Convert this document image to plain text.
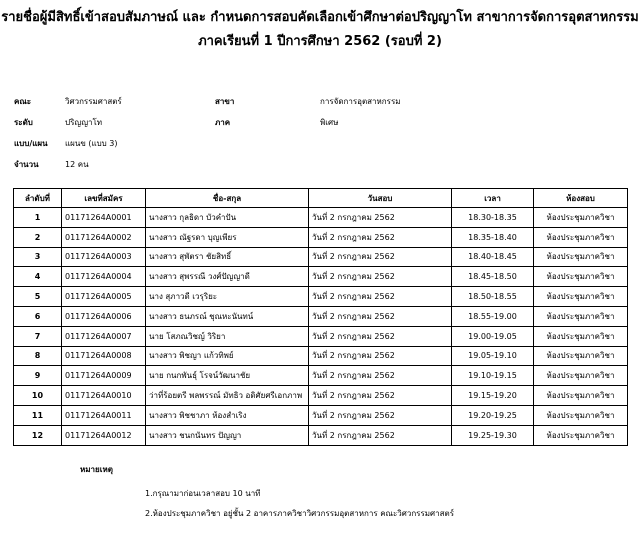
รายชื่อผู้มีสิทธิ์เข้าสอบสัมภาษณ์ และ กำหนดการสอบคัดเลือกเข้าศึกษาต่อปริญญาโท สาขาการจัดการอุตสาหกรรม
ภาคเรียนที่ 1 ปีการศึกษา 2562 (รอบที่ 2)
คณะ	วิศวกรรมศาสตร์	สาขา	การจัดการอุตสาหกรรม
ระดับ	ปริญญาโท	ภาค	พิเศษ
แบบ/แผน แผนข (แบบ 3)
จำนวน	12 คน
ลำดับที่	เลขที่สมัคร	ชื่อ-สกุล	วันสอบ	เวลา	ห้องสอบ
1	01171264A0001	นางสาว กุลธิดา บัวคำปัน	วันที่ 2 กรกฎาคม 2562	18.30-18.35	ห้องประชุมภาควิชา
2	01171264A0002	นางสาว ณัฐรดา บุญเพียร	วันที่ 2 กรกฎาคม 2562	18.35-18.40	ห้องประชุมภาควิชา
3	01171264A0003	นางสาว สุพัตรา ชัยสิทธิ์	วันที่ 2 กรกฎาคม 2562	18.40-18.45	ห้องประชุมภาควิชา
4	01171264A0004	นางสาว สุพรรณี วงศ์ปัญญาดี	วันที่ 2 กรกฎาคม 2562	18.45-18.50	ห้องประชุมภาควิชา
5	01171264A0005	นาง สุภาวดี เวรุริยะ	วันที่ 2 กรกฎาคม 2562	18.50-18.55	ห้องประชุมภาควิชา
6	01171264A0006	นางสาว ธนภรณ์ ชุณหะนันทน์	วันที่ 2 กรกฎาคม 2562	18.55-19.00	ห้องประชุมภาควิชา
7	01171264A0007	นาย โสภณวิชญ์ วิริยา	วันที่ 2 กรกฎาคม 2562	19.00-19.05	ห้องประชุมภาควิชา
8	01171264A0008	นางสาว พิชญา แก้วทิพย์	วันที่ 2 กรกฎาคม 2562	19.05-19.10	ห้องประชุมภาควิชา
9	01171264A0009	นาย กนกพันธุ์ โรจน์วัฒนาชัย	วันที่ 2 กรกฎาคม 2562	19.10-19.15	ห้องประชุมภาควิชา
10	01171264A0010	ว่าที่ร้อยตรี พลพรรณ์ มัทธิว อดิศัยศรีเอกภาพ	วันที่ 2 กรกฎาคม 2562	19.15-19.20	ห้องประชุมภาควิชา
11	01171264A0011	นางสาว พิชชาภา ห้องสำเริง	วันที่ 2 กรกฎาคม 2562	19.20-19.25	ห้องประชุมภาควิชา
12	01171264A0012	นางสาว ชนกนันทร ปัญญา	วันที่ 2 กรกฎาคม 2562	19.25-19.30	ห้องประชุมภาควิชา
หมายเหตุ
1.กรุณามาก่อนเวลาสอบ 10 นาที
2.ห้องประชุมภาควิชา อยู่ชั้น 2 อาคารภาควิชาวิศวกรรมอุตสาหการ คณะวิศวกรรมศาสตร์
